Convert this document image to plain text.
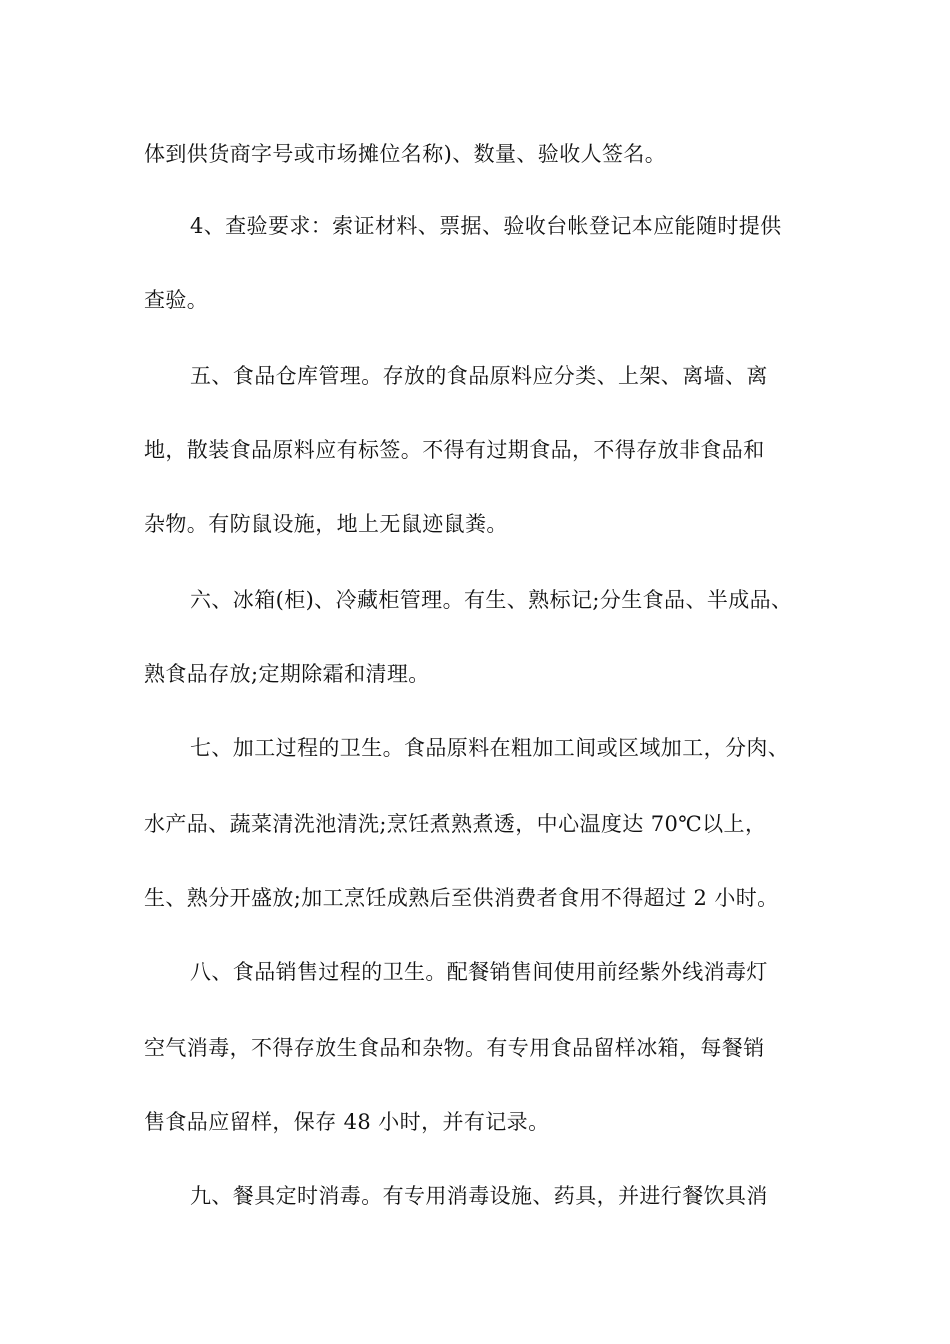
体到供货商字号或市场摊位名称)、数量、验收人签名。
4、查验要求：索证材料、票据、验收台帐登记本应能随时提供
查验。
五、食品仓库管理。存放的食品原料应分类、上架、离墙、离
地，散装食品原料应有标签。不得有过期食品，不得存放非食品和
杂物。有防鼠设施，地上无鼠迹鼠粪。
六、冰箱(柜)、冷藏柜管理。有生、熟标记;分生食品、半成品、
熟食品存放;定期除霜和清理。
七、加工过程的卫生。食品原料在粗加工间或区域加工，分肉、
水产品、蔬菜清洗池清洗;烹饪煮熟煮透，中心温度达 70℃以上，
生、熟分开盛放;加工烹饪成熟后至供消费者食用不得超过 2 小时。
八、食品销售过程的卫生。配餐销售间使用前经紫外线消毒灯
空气消毒，不得存放生食品和杂物。有专用食品留样冰箱，每餐销
售食品应留样，保存 48 小时，并有记录。
九、餐具定时消毒。有专用消毒设施、药具，并进行餐饮具消
